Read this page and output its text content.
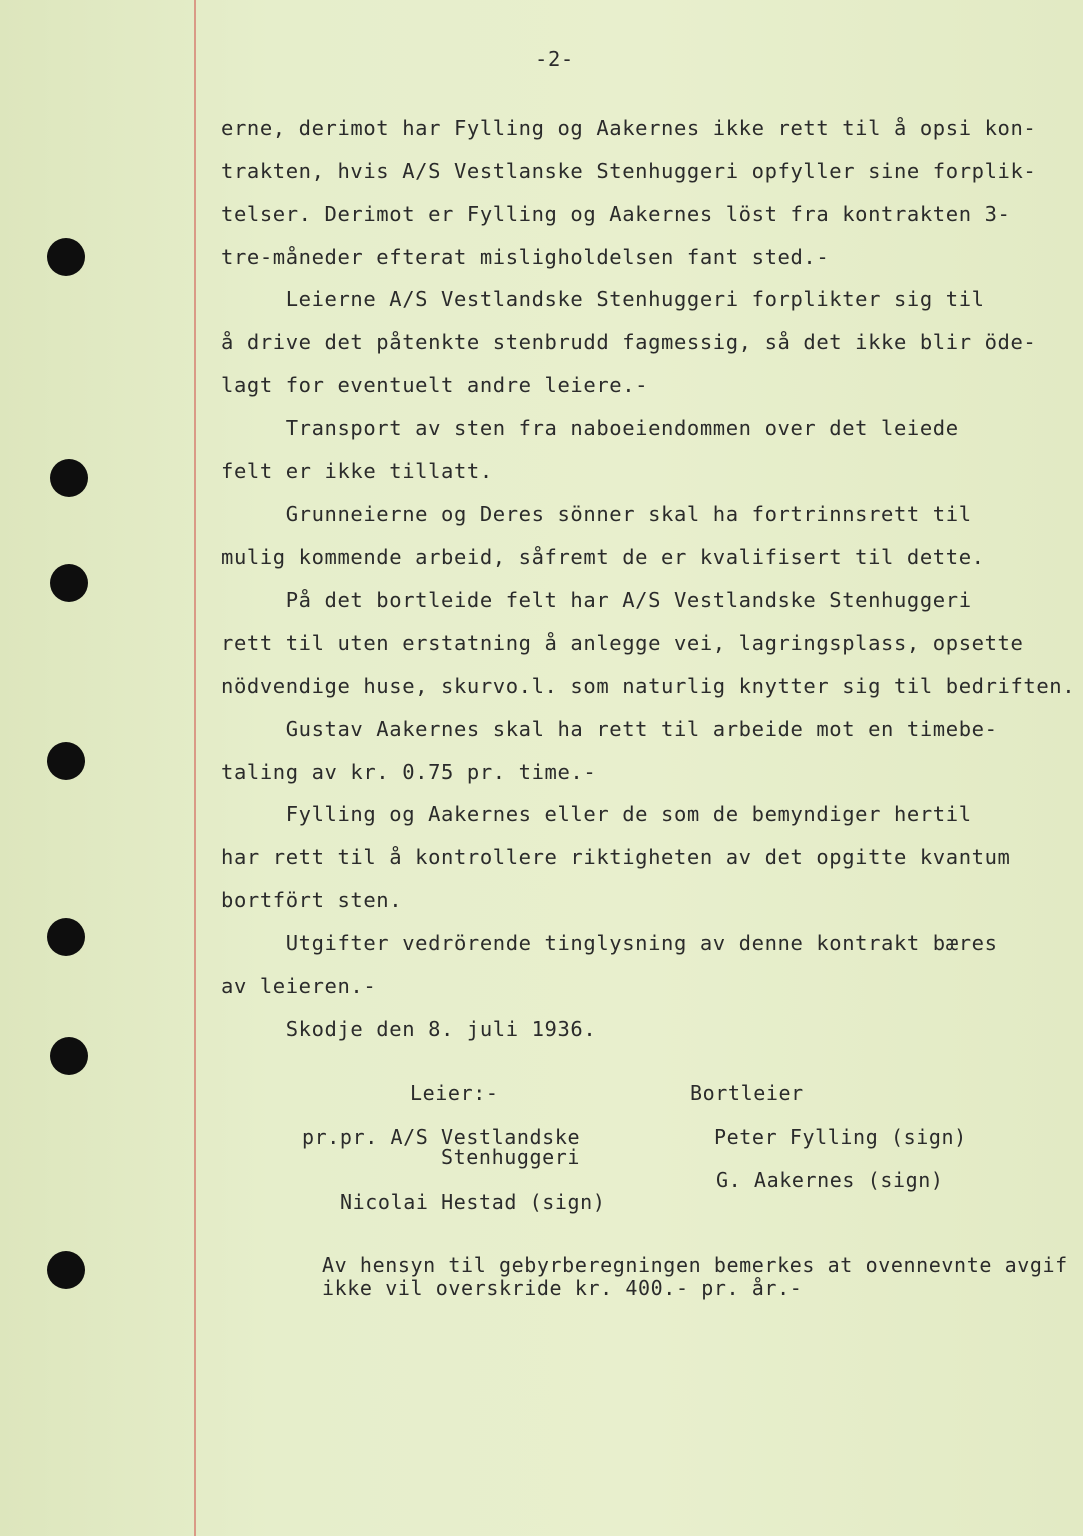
-2-
erne, derimot har Fylling og Aakernes ikke rett til å opsi kon-
trakten, hvis A/S Vestlanske Stenhuggeri opfyller sine forplik-
telser. Derimot er Fylling og Aakernes löst fra kontrakten 3-
tre-måneder efterat misligholdelsen fant sted.-
Leierne A/S Vestlandske Stenhuggeri forplikter sig til
å drive det påtenkte stenbrudd fagmessig, så det ikke blir öde-
lagt for eventuelt andre leiere.-
Transport av sten fra naboeiendommen over det leiede
felt er ikke tillatt.
Grunneierne og Deres sönner skal ha fortrinnsrett til
mulig kommende arbeid, såfremt de er kvalifisert til dette.
På det bortleide felt har A/S Vestlandske Stenhuggeri
rett til uten erstatning å anlegge vei, lagringsplass, opsette
nödvendige huse, skurvo.l. som naturlig knytter sig til bedriften.
Gustav Aakernes skal ha rett til arbeide mot en timebe-
taling av kr. 0.75 pr. time.-
Fylling og Aakernes eller de som de bemyndiger hertil
har rett til å kontrollere riktigheten av det opgitte kvantum
bortfört sten.
Utgifter vedrörende tinglysning av denne kontrakt bæres
av leieren.-
Skodje den 8. juli 1936.
Leier:-
pr.pr. A/S Vestlandske
Stenhuggeri
Nicolai Hestad (sign)
Bortleier
Peter Fylling (sign)
G. Aakernes (sign)
Av hensyn til gebyrberegningen bemerkes at ovennevnte avgif
ikke vil overskride kr. 400.- pr. år.-
